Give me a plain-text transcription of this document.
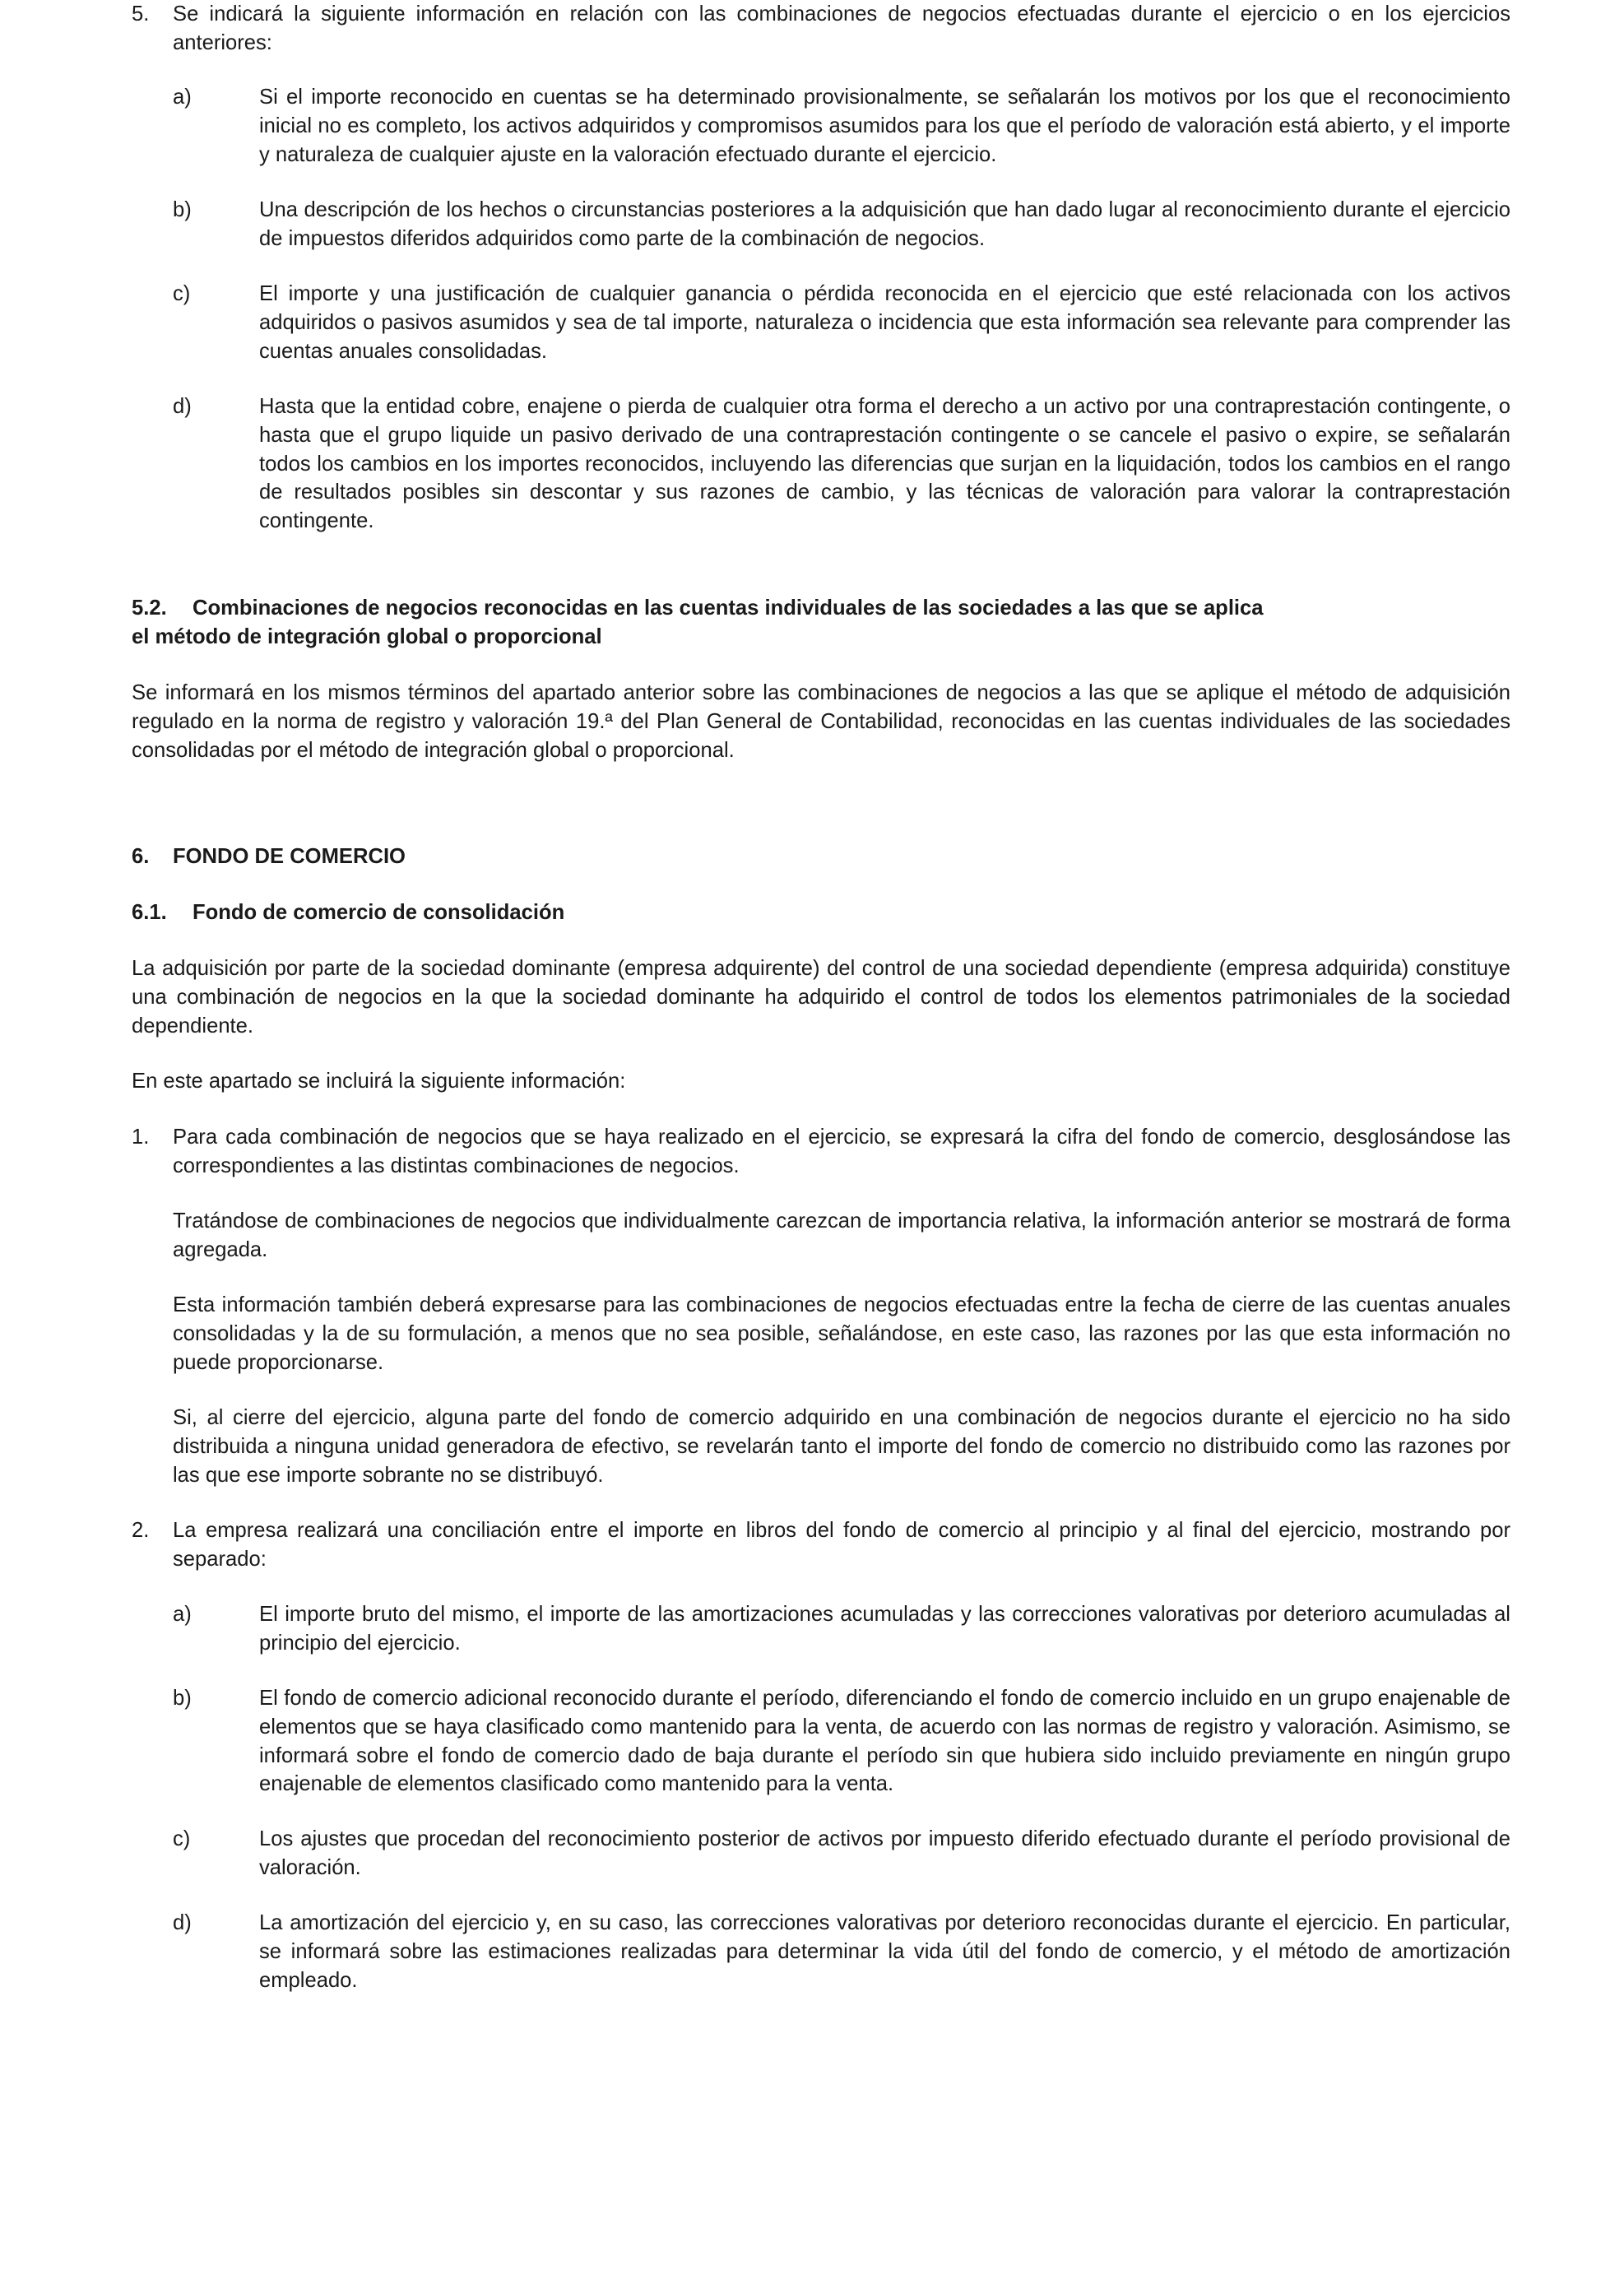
5.	Se indicará la siguiente información en relación con las combinaciones de negocios efectuadas durante el ejercicio o en los ejercicios anteriores:

a)	Si el importe reconocido en cuentas se ha determinado provisionalmente, se señalarán los motivos por los que el reconocimiento inicial no es completo, los activos adquiridos y compromisos asumidos para los que el período de valoración está abierto, y el importe y naturaleza de cualquier ajuste en la valoración efectuado durante el ejercicio.

b)	Una descripción de los hechos o circunstancias posteriores a la adquisición que han dado lugar al reconocimiento durante el ejercicio de impuestos diferidos adquiridos como parte de la combinación de negocios.

c)	El importe y una justificación de cualquier ganancia o pérdida reconocida en el ejercicio que esté relacionada con los activos adquiridos o pasivos asumidos y sea de tal importe, naturaleza o incidencia que esta información sea relevante para comprender las cuentas anuales consolidadas.

d)	Hasta que la entidad cobre, enajene o pierda de cualquier otra forma el derecho a un activo por una contraprestación contingente, o hasta que el grupo liquide un pasivo derivado de una contraprestación contingente o se cancele el pasivo o expire, se señalarán todos los cambios en los importes reconocidos, incluyendo las diferencias que surjan en la liquidación, todos los cambios en el rango de resultados posibles sin descontar y sus razones de cambio, y las técnicas de valoración para valorar la contraprestación contingente.

5.2. Combinaciones de negocios reconocidas en las cuentas individuales de las sociedades a las que se aplica
el método de integración global o proporcional

Se informará en los mismos términos del apartado anterior sobre las combinaciones de negocios a las que se aplique el método de adquisición regulado en la norma de registro y valoración 19.ª del Plan General de Contabilidad, reconocidas en las cuentas individuales de las sociedades consolidadas por el método de integración global o proporcional.

6. FONDO DE COMERCIO
6.1. Fondo de comercio de consolidación

La adquisición por parte de la sociedad dominante (empresa adquirente) del control de una sociedad dependiente (empresa adquirida) constituye una combinación de negocios en la que la sociedad dominante ha adquirido el control de todos los elementos patrimoniales de la sociedad dependiente.

En este apartado se incluirá la siguiente información:

1.	Para cada combinación de negocios que se haya realizado en el ejercicio, se expresará la cifra del fondo de comercio, desglosándose las correspondientes a las distintas combinaciones de negocios.

Tratándose de combinaciones de negocios que individualmente carezcan de importancia relativa, la información anterior se mostrará de forma agregada.

Esta información también deberá expresarse para las combinaciones de negocios efectuadas entre la fecha de cierre de las cuentas anuales consolidadas y la de su formulación, a menos que no sea posible, señalándose, en este caso, las razones por las que esta información no puede proporcionarse.

Si, al cierre del ejercicio, alguna parte del fondo de comercio adquirido en una combinación de negocios durante el ejercicio no ha sido distribuida a ninguna unidad generadora de efectivo, se revelarán tanto el importe del fondo de comercio no distribuido como las razones por las que ese importe sobrante no se distribuyó.

2.	La empresa realizará una conciliación entre el importe en libros del fondo de comercio al principio y al final del ejercicio, mostrando por separado:

a)	El importe bruto del mismo, el importe de las amortizaciones acumuladas y las correcciones valorativas por deterioro acumuladas al principio del ejercicio.

b)	El fondo de comercio adicional reconocido durante el período, diferenciando el fondo de comercio incluido en un grupo enajenable de elementos que se haya clasificado como mantenido para la venta, de acuerdo con las normas de registro y valoración. Asimismo, se informará sobre el fondo de comercio dado de baja durante el período sin que hubiera sido incluido previamente en ningún grupo enajenable de elementos clasificado como mantenido para la venta.

c)	Los ajustes que procedan del reconocimiento posterior de activos por impuesto diferido efectuado durante el período provisional de valoración.

d)	La amortización del ejercicio y, en su caso, las correcciones valorativas por deterioro reconocidas durante el ejercicio. En particular, se informará sobre las estimaciones realizadas para determinar la vida útil del fondo de comercio, y el método de amortización empleado.
